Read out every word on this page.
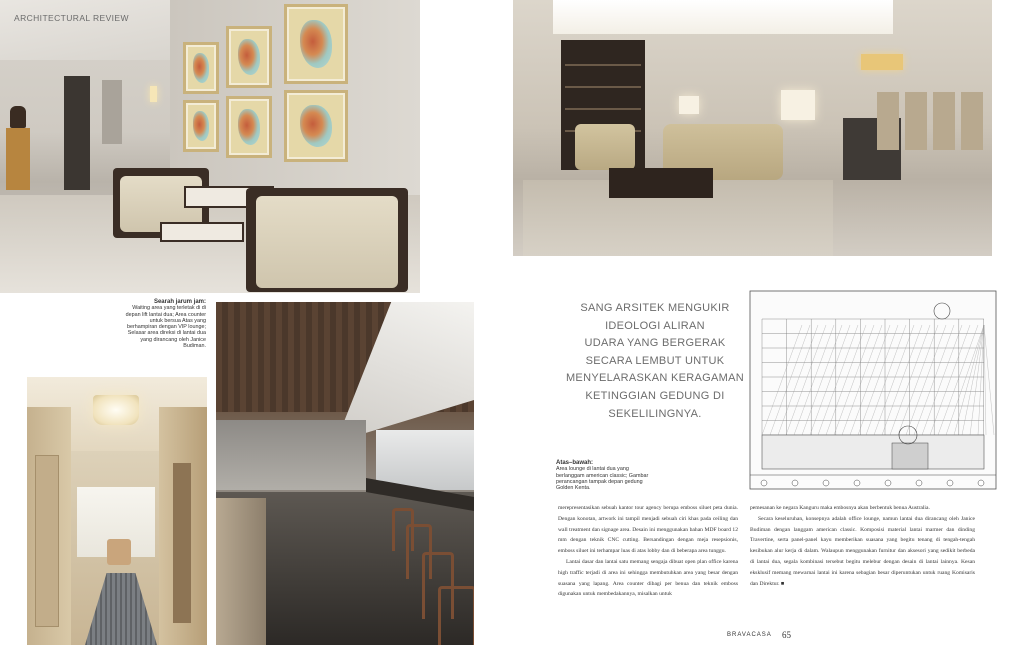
ARCHITECTURAL REVIEW
Searah jarum jam:
Waiting area yang terletak di di depan lift lantai dua; Area counter untuk bersua Atas yang berhampiran dengan VIP lounge; Selasar area direksi di lantai dua yang dirancang oleh Janice Budiman.
SANG ARSITEK MENGUKIR
IDEOLOGI ALIRAN
UDARA YANG BERGERAK
SECARA LEMBUT UNTUK
MENYELARASKAN KERAGAMAN
KETINGGIAN GEDUNG DI
SEKELILINGNYA.
Atas–bawah:
Area lounge di lantai dua yang berlanggam american classic; Gambar perancangan tampak depan gedung Golden Kenta.

merepresentasikan sebuah kantor tour agency berupa emboss siluet peta dunia. Dengan konotan, artwork ini tampil menjadi sebuah ciri khas pada ceiling dan wall treatment dan signage area. Desain ini menggunakan bahan MDF board 12 mm dengan teknik CNC cutting. Bersandingan dengan meja resepsionis, emboss siluet ini terhampar luas di atas lobby dan di beberapa area tunggu.

Lantai dasar dan lantai satu memang sengaja dibuat open plan office karena high traffic terjadi di area ini sehingga membutuhkan area yang besar dengan suasana yang lapang. Area counter dibagi per benua dan teknik emboss digunakan untuk membedakannya, misalkan untuk

pemesanan ke negara Kanguru maka embosnya akan berbentuk benua Australia.

Secara keseluruhan, konsepnya adalah office lounge, namun lantai dua dirancang oleh Janice Budiman dengan langgam american classic. Komposisi material lantai marmer dan dinding Travertine, serta panel-panel kayu memberikan suasana yang begitu tenang di tengah-tengah kesibukan alur kerja di dalam. Walaupun menggunakan furnitur dan aksesori yang sedikit berbeda di lantai dua, segala kombinasi tersebut begitu melebur dengan desain di lantai lainnya. Kesan eksklusif memang mewarnai lantai ini karena sebagian besar diperuntukan untuk ruang Komisaris dan Direktur. ■

BRAVACASA 65
